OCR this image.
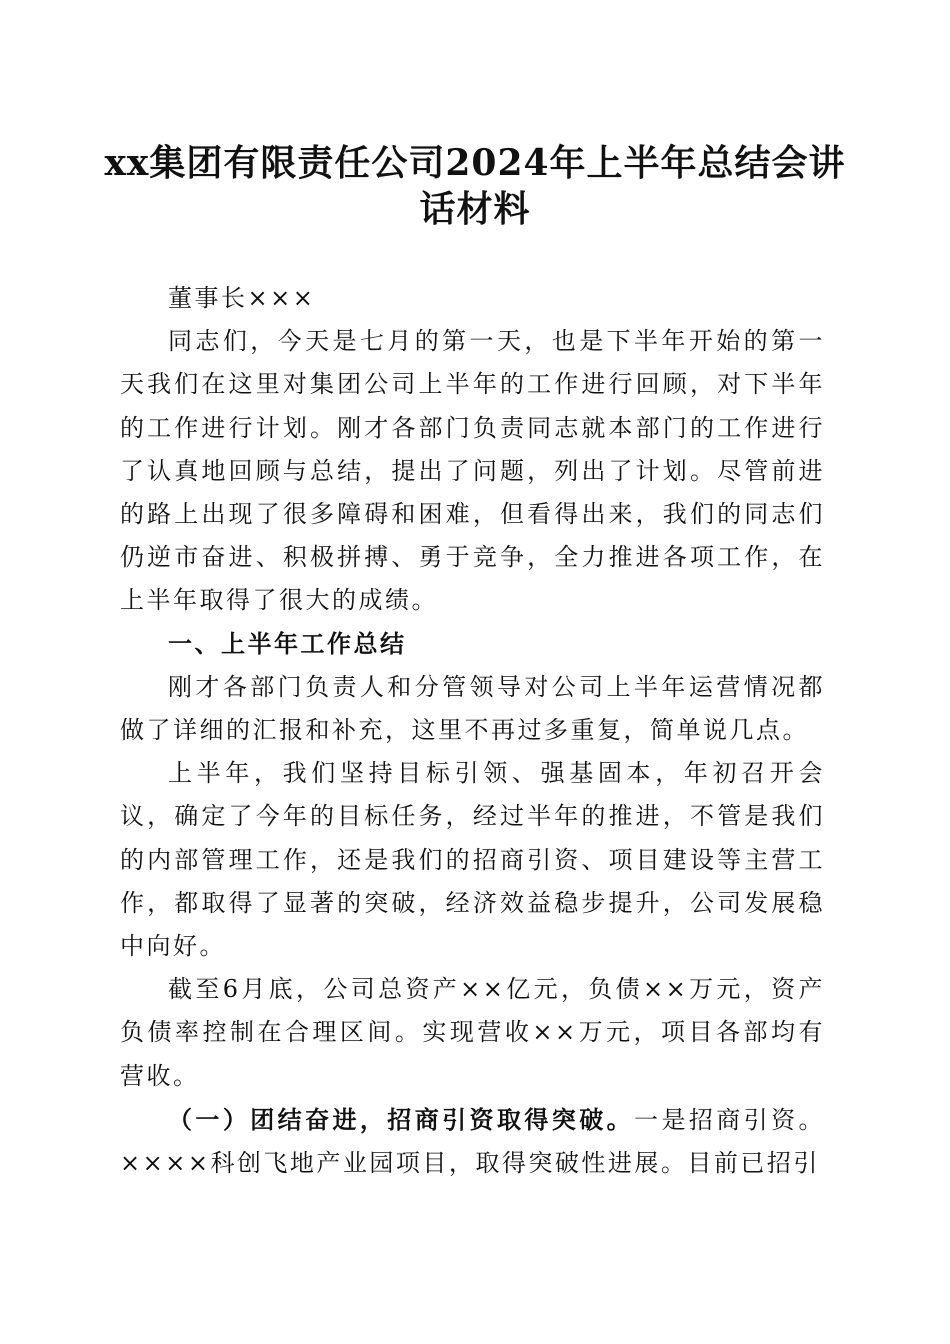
xx集团有限责任公司2024年上半年总结会讲
话材料

董事长×××

同志们，今天是七月的第一天，也是下半年开始的第一天我们在这里对集团公司上半年的工作进行回顾，对下半年的工作进行计划。刚才各部门负责同志就本部门的工作进行了认真地回顾与总结，提出了问题，列出了计划。尽管前进的路上出现了很多障碍和困难，但看得出来，我们的同志们仍逆市奋进、积极拼搏、勇于竞争，全力推进各项工作，在上半年取得了很大的成绩。

一、上半年工作总结

刚才各部门负责人和分管领导对公司上半年运营情况都做了详细的汇报和补充，这里不再过多重复，简单说几点。

上半年，我们坚持目标引领、强基固本，年初召开会议，确定了今年的目标任务，经过半年的推进，不管是我们的内部管理工作，还是我们的招商引资、项目建设等主营工作，都取得了显著的突破，经济效益稳步提升，公司发展稳中向好。

截至6月底，公司总资产××亿元，负债××万元，资产负债率控制在合理区间。实现营收××万元，项目各部均有营收。

（一）团结奋进，招商引资取得突破。一是招商引资。××××科创飞地产业园项目，取得突破性进展。目前已招引
